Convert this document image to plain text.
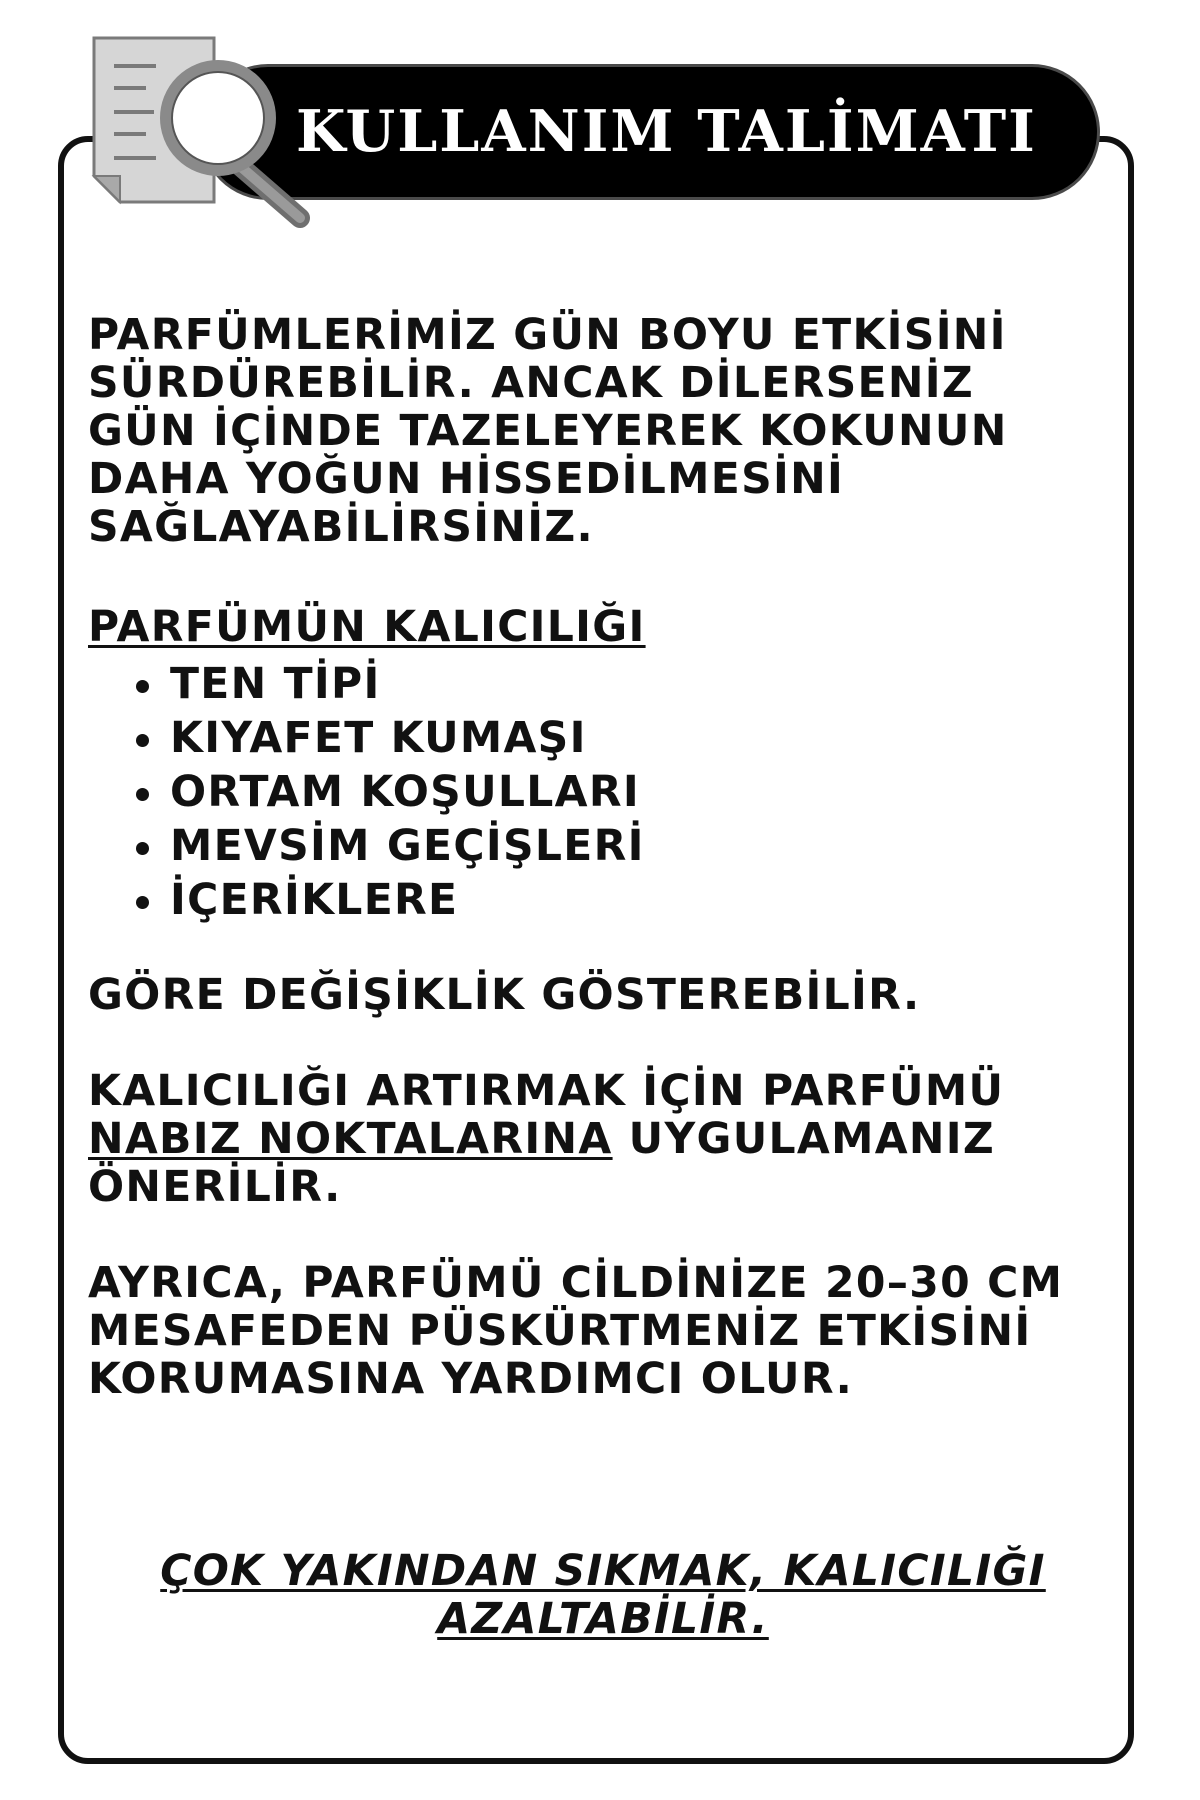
KULLANIM TALİMATI
PARFÜMLERİMİZ GÜN BOYU ETKİSİNİ
SÜRDÜREBİLİR. ANCAK DİLERSENİZ
GÜN İÇİNDE TAZELEYEREK KOKUNUN
DAHA YOĞUN HİSSEDİLMESİNİ
SAĞLAYABİLİRSİNİZ.
PARFÜMÜN KALICILIĞI
TEN TİPİ
KIYAFET KUMAŞI
ORTAM KOŞULLARI
MEVSİM GEÇİŞLERİ
İÇERİKLERE
GÖRE DEĞİŞİKLİK GÖSTEREBİLİR.
KALICILIĞI ARTIRMAK İÇİN PARFÜMÜ
NABIZ NOKTALARINA UYGULAMANIZ
ÖNERİLİR.
AYRICA, PARFÜMÜ CİLDİNİZE 20–30 CM
MESAFEDEN PÜSKÜRTMENİZ ETKİSİNİ
KORUMASINA YARDIMCI OLUR.
ÇOK YAKINDAN SIKMAK, KALICILIĞI
AZALTABİLİR.
